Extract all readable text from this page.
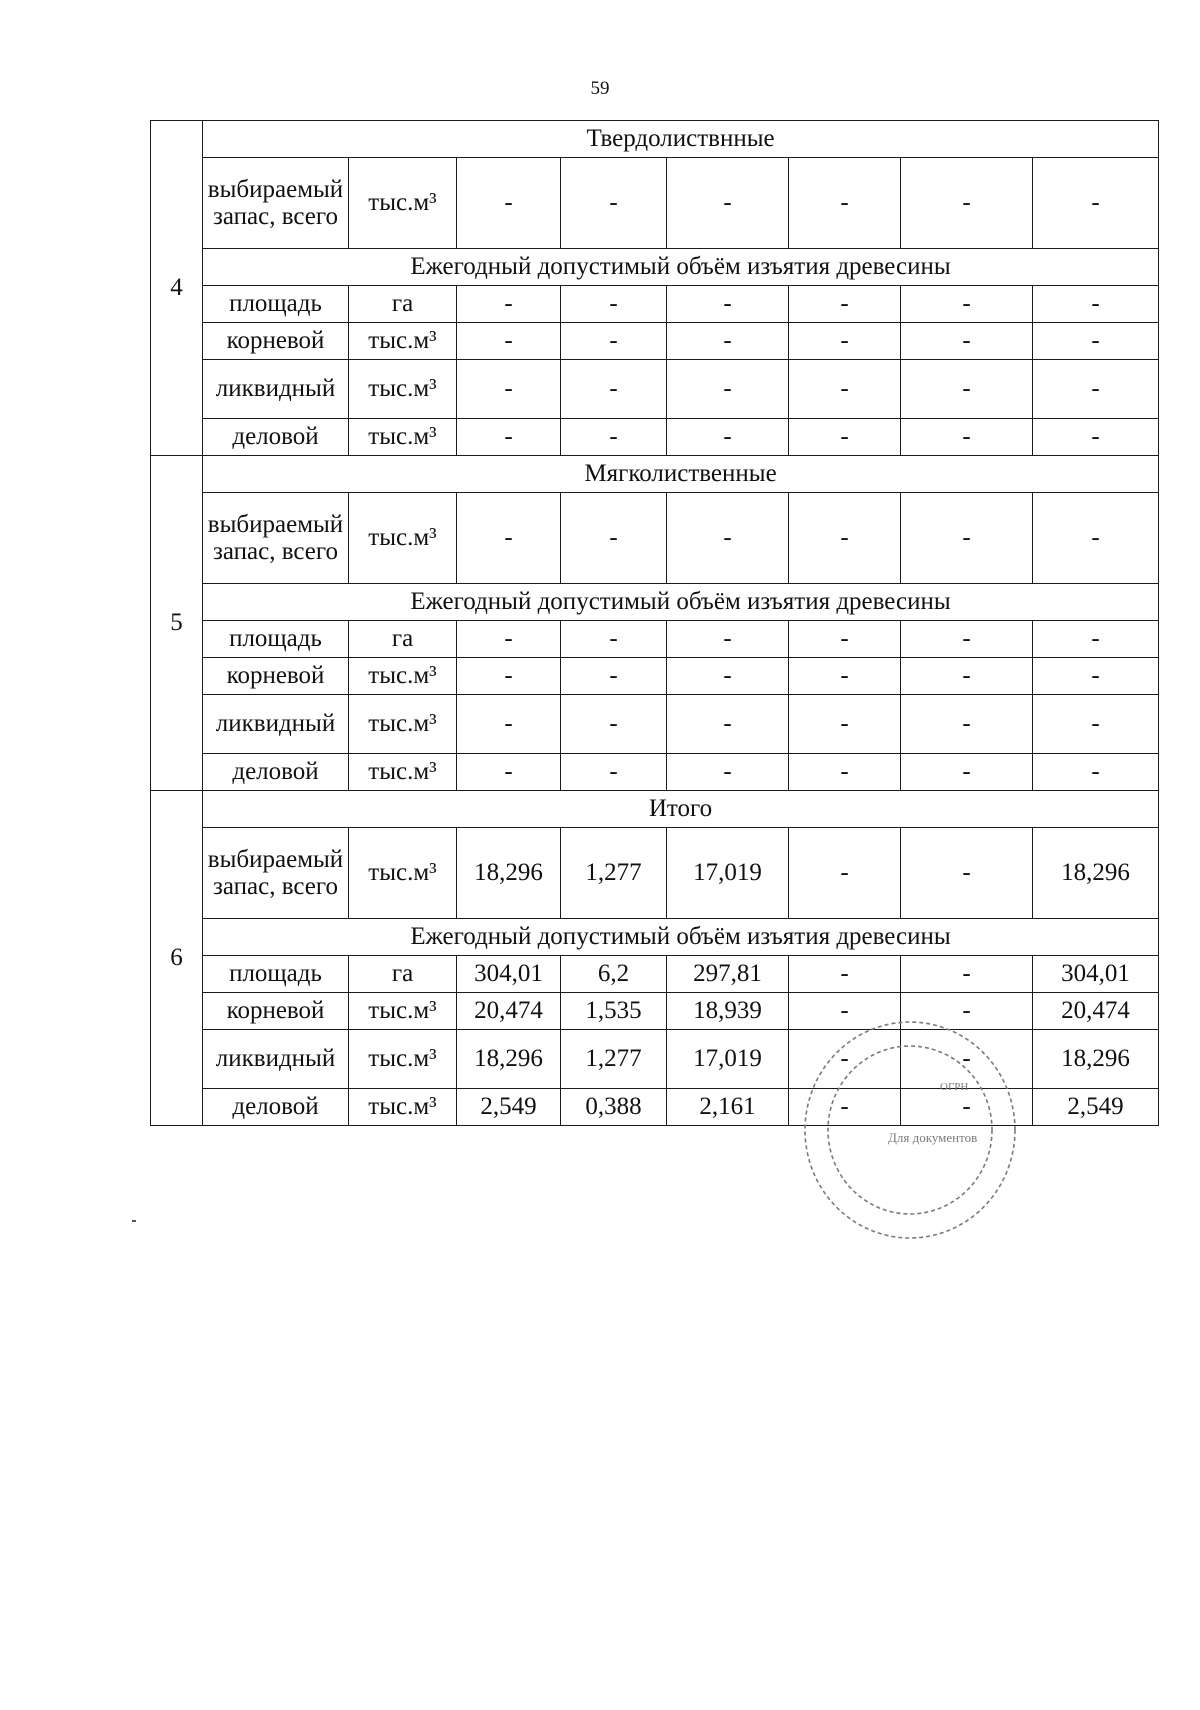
59
4	Твердолиствнные							
	выбираемый запас, всего	тыс.м³	-	-	-	-	-	-
	Ежегодный допустимый объём изъятия древесины							
	площадь	га	-	-	-	-	-	-
	корневой	тыс.м³	-	-	-	-	-	-
	ликвидный	тыс.м³	-	-	-	-	-	-
	деловой	тыс.м³	-	-	-	-	-	-
5	Мягколиственные							
	выбираемый запас, всего	тыс.м³	-	-	-	-	-	-
	Ежегодный допустимый объём изъятия древесины							
	площадь	га	-	-	-	-	-	-
	корневой	тыс.м³	-	-	-	-	-	-
	ликвидный	тыс.м³	-	-	-	-	-	-
	деловой	тыс.м³	-	-	-	-	-	-
6	Итого							
	выбираемый запас, всего	тыс.м³	18,296	1,277	17,019	-	-	18,296
	Ежегодный допустимый объём изъятия древесины							
	площадь	га	304,01	6,2	297,81	-	-	304,01
	корневой	тыс.м³	20,474	1,535	18,939	-	-	20,474
	ликвидный	тыс.м³	18,296	1,277	17,019	-	-	18,296
	деловой	тыс.м³	2,549	0,388	2,161	-	-	2,549
Для документов
ОГРН
